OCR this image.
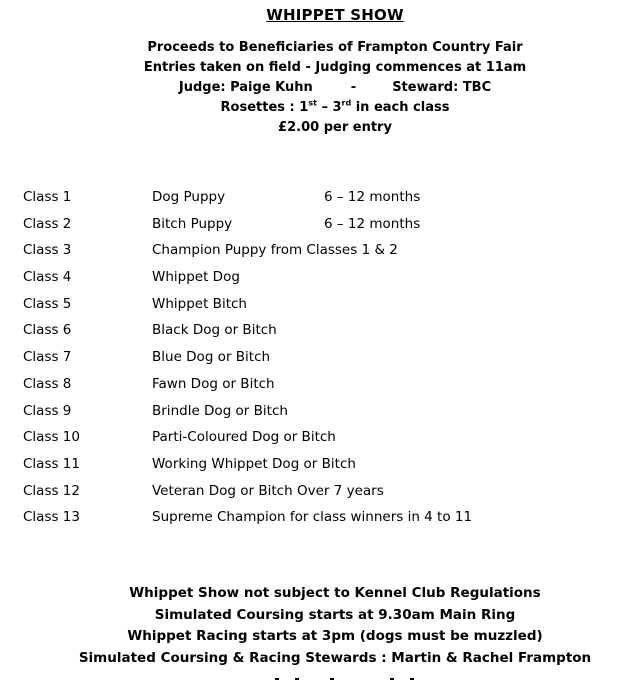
WHIPPET SHOW
Proceeds to Beneficiaries of Frampton Country Fair
Entries taken on field - Judging commences at 11am
Judge: Paige Kuhn	-	Steward: TBC
Rosettes : 1st – 3rd in each class
£2.00 per entry
Class 1	Dog Puppy	6 – 12 months
Class 2	Bitch Puppy	6 – 12 months
Class 3	Champion Puppy from Classes 1 & 2
Class 4	Whippet Dog
Class 5	Whippet Bitch
Class 6	Black Dog or Bitch
Class 7	Blue Dog or Bitch
Class 8	Fawn Dog or Bitch
Class 9	Brindle Dog or Bitch
Class 10	Parti-Coloured Dog or Bitch
Class 11	Working Whippet Dog or Bitch
Class 12	Veteran Dog or Bitch Over 7 years
Class 13	Supreme Champion for class winners in 4 to 11
Whippet Show not subject to Kennel Club Regulations
Simulated Coursing starts at 9.30am Main Ring
Whippet Racing starts at 3pm (dogs must be muzzled)
Simulated Coursing & Racing Stewards : Martin & Rachel Frampton
